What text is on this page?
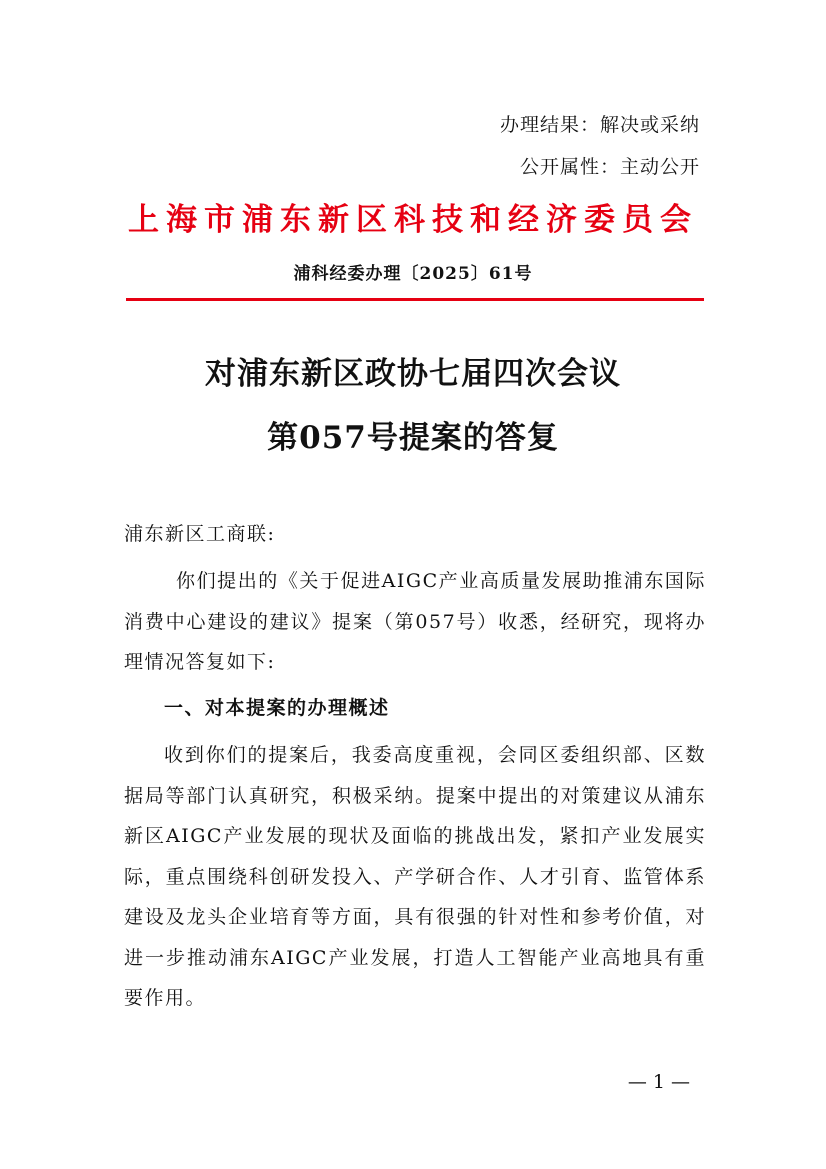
办理结果：解决或采纳
公开属性：主动公开
上海市浦东新区科技和经济委员会
浦科经委办理〔2025〕61号
对浦东新区政协七届四次会议
第057号提案的答复
浦东新区工商联:
你们提出的《关于促进AIGC产业高质量发展助推浦东国际消费中心建设的建议》提案（第057号）收悉，经研究，现将办理情况答复如下:
一、对本提案的办理概述
收到你们的提案后，我委高度重视，会同区委组织部、区数据局等部门认真研究，积极采纳。提案中提出的对策建议从浦东新区AIGC产业发展的现状及面临的挑战出发，紧扣产业发展实际，重点围绕科创研发投入、产学研合作、人才引育、监管体系建设及龙头企业培育等方面，具有很强的针对性和参考价值，对进一步推动浦东AIGC产业发展，打造人工智能产业高地具有重要作用。
— 1 —
